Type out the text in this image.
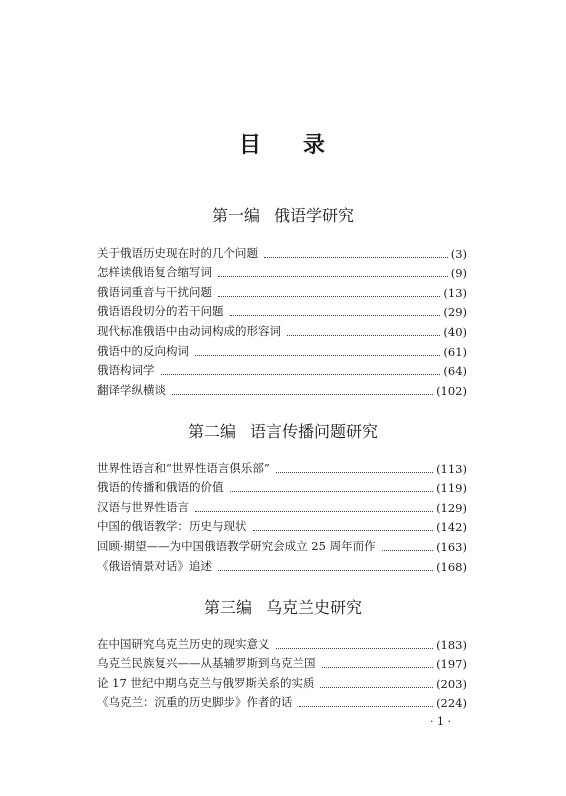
目 录
第一编 俄语学研究
关于俄语历史现在时的几个问题	(3)
怎样读俄语复合缩写词	(9)
俄语词重音与干扰问题	(13)
俄语语段切分的若干问题	(29)
现代标准俄语中由动词构成的形容词	(40)
俄语中的反向构词	(61)
俄语构词学	(64)
翻译学纵横谈	(102)
第二编 语言传播问题研究
世界性语言和“世界性语言俱乐部”	(113)
俄语的传播和俄语的价值	(119)
汉语与世界性语言	(129)
中国的俄语教学：历史与现状	(142)
回顾·期望——为中国俄语教学研究会成立 25 周年而作	(163)
《俄语情景对话》追述	(168)
第三编 乌克兰史研究
在中国研究乌克兰历史的现实意义	(183)
乌克兰民族复兴——从基辅罗斯到乌克兰国	(197)
论 17 世纪中期乌克兰与俄罗斯关系的实质	(203)
《乌克兰：沉重的历史脚步》作者的话	(224)
· 1 ·
